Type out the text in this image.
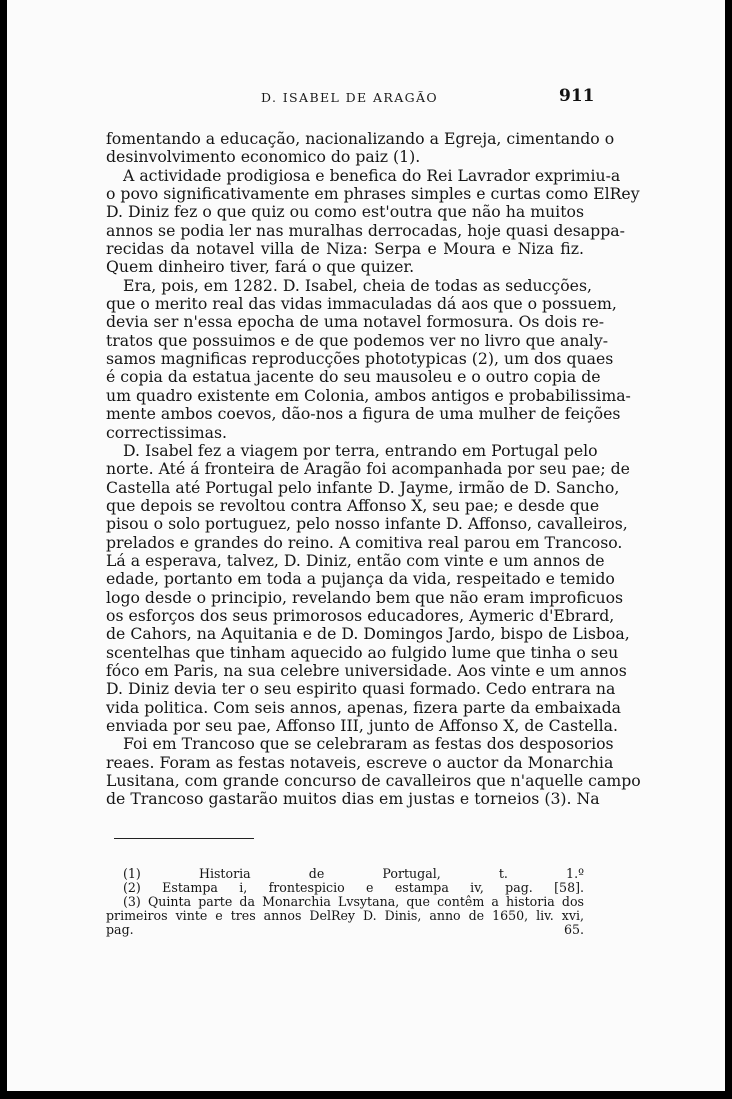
D. ISABEL DE ARAGÃO	911
fomentando a educação, nacionalizando a Egreja, cimentando o
desinvolvimento economico do paiz (1).
A actividade prodigiosa e benefica do Rei Lavrador exprimiu-a
o povo significativamente em phrases simples e curtas como ElRey
D. Diniz fez o que quiz ou como est'outra que não ha muitos
annos se podia ler nas muralhas derrocadas, hoje quasi desappa-
recidas da notavel villa de Niza: Serpa e Moura e Niza fiz.
Quem dinheiro tiver, fará o que quizer.
Era, pois, em 1282. D. Isabel, cheia de todas as seducções,
que o merito real das vidas immaculadas dá aos que o possuem,
devia ser n'essa epocha de uma notavel formosura. Os dois re-
tratos que possuimos e de que podemos ver no livro que analy-
samos magnificas reproducções phototypicas (2), um dos quaes
é copia da estatua jacente do seu mausoleu e o outro copia de
um quadro existente em Colonia, ambos antigos e probabilissima-
mente ambos coevos, dão-nos a figura de uma mulher de feições
correctissimas.
D. Isabel fez a viagem por terra, entrando em Portugal pelo
norte. Até á fronteira de Aragão foi acompanhada por seu pae; de
Castella até Portugal pelo infante D. Jayme, irmão de D. Sancho,
que depois se revoltou contra Affonso X, seu pae; e desde que
pisou o solo portuguez, pelo nosso infante D. Affonso, cavalleiros,
prelados e grandes do reino. A comitiva real parou em Trancoso.
Lá a esperava, talvez, D. Diniz, então com vinte e um annos de
edade, portanto em toda a pujança da vida, respeitado e temido
logo desde o principio, revelando bem que não eram improficuos
os esforços dos seus primorosos educadores, Aymeric d'Ebrard,
de Cahors, na Aquitania e de D. Domingos Jardo, bispo de Lisboa,
scentelhas que tinham aquecido ao fulgido lume que tinha o seu
fóco em Paris, na sua celebre universidade. Aos vinte e um annos
D. Diniz devia ter o seu espirito quasi formado. Cedo entrara na
vida politica. Com seis annos, apenas, fizera parte da embaixada
enviada por seu pae, Affonso III, junto de Affonso X, de Castella.
Foi em Trancoso que se celebraram as festas dos desposorios
reaes. Foram as festas notaveis, escreve o auctor da Monarchia
Lusitana, com grande concurso de cavalleiros que n'aquelle campo
de Trancoso gastarão muitos dias em justas e torneios (3). Na
(1) Historia de Portugal, t. 1.º
(2) Estampa i, frontespicio e estampa iv, pag. [58].
(3) Quinta parte da Monarchia Lvsytana, que contêm a historia dos
primeiros vinte e tres annos DelRey D. Dinis, anno de 1650, liv. xvi,
pag. 65.
